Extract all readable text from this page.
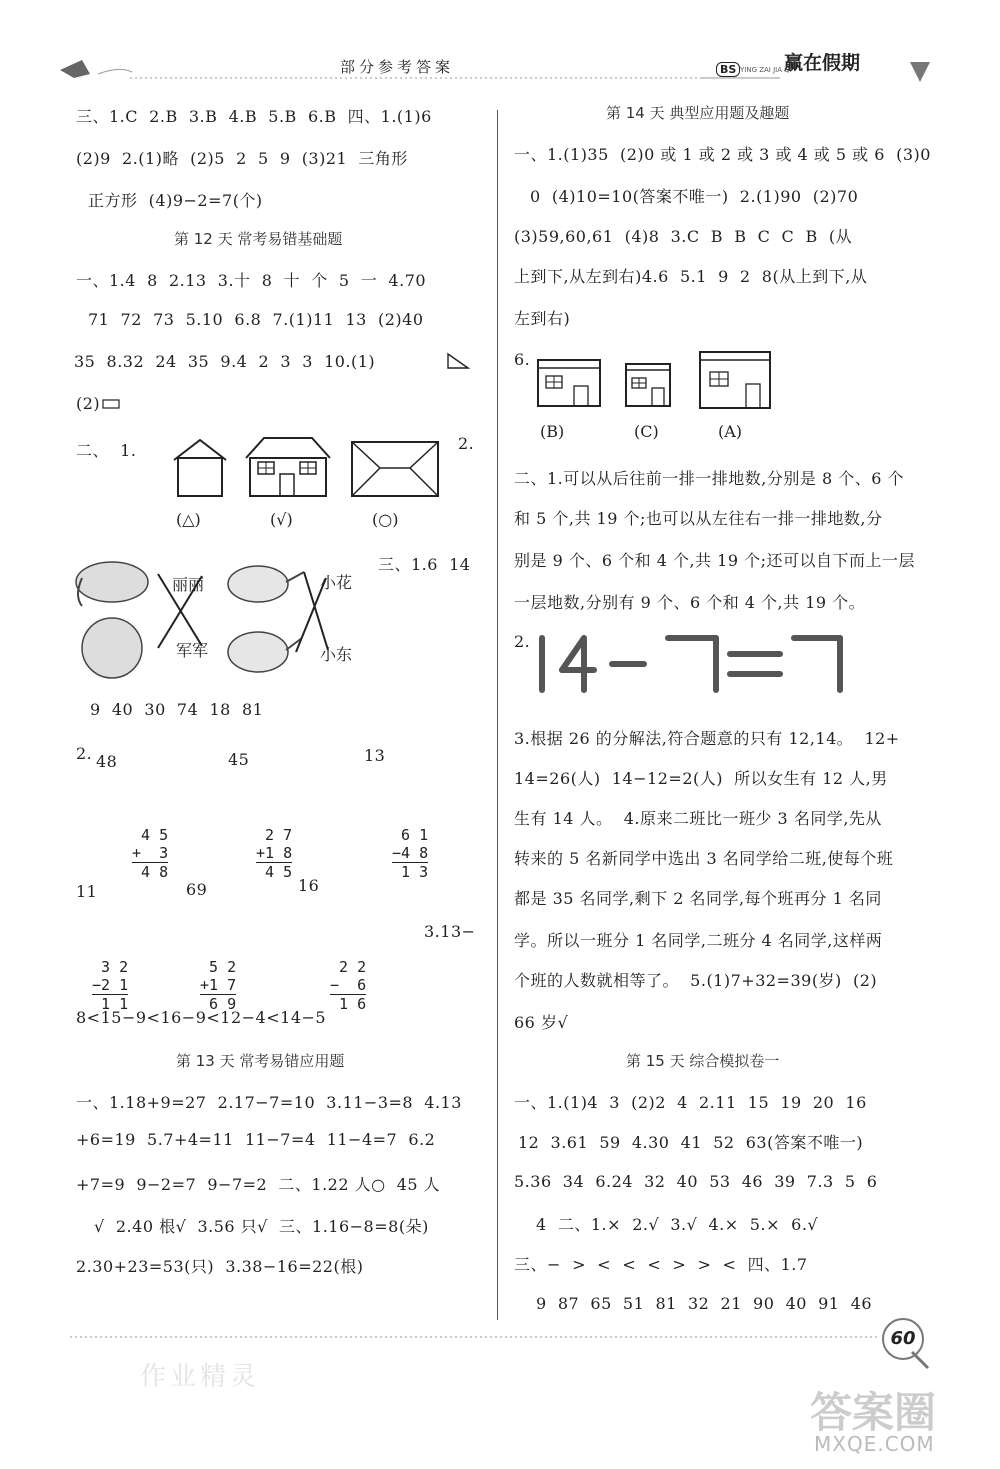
部分参考答案	BS	赢在假期
YING ZAI JIA QI
三、1.C  2.B  3.B  4.B  5.B  6.B  四、1.(1)6
(2)9  2.(1)略  (2)5  2  5  9  (3)21  三角形
正方形  (4)9−2=7(个)
第 12 天 常考易错基础题
一、1.4  8  2.13  3.十  8  十  个  5  一  4.70
71  72  73  5.10  6.8  7.(1)11  13  (2)40
35  8.32  24  35  9.4  2  3  3  10.(1)
(2)
二、  1.	2.
(△)	(√)	(○)
三、1.6  14
丽丽
军军
小花
小东
9  40  30  74  18  81
2. 48	45	13

4 5
+  3
4 8

2 7
+1 8
4 5

6 1
−4 8
1 3

11	69	16

3 2
−2 1
1 1

5 2
+1 7
6 9

2 2
−  6
1 6

3.13−
8<15−9<16−9<12−4<14−5
第 13 天 常考易错应用题
一、1.18+9=27  2.17−7=10  3.11−3=8  4.13
+6=19  5.7+4=11  11−7=4  11−4=7  6.2
+7=9  9−2=7  9−7=2  二、1.22 人○  45 人
√  2.40 根√  3.56 只√  三、1.16−8=8(朵)
2.30+23=53(只)  3.38−16=22(根)
第 14 天 典型应用题及趣题
一、1.(1)35  (2)0 或 1 或 2 或 3 或 4 或 5 或 6  (3)0
0  (4)10=10(答案不唯一)  2.(1)90  (2)70
(3)59,60,61  (4)8  3.C  B  B  C  C  B  (从
上到下,从左到右)4.6  5.1  9  2  8(从上到下,从
左到右)
6.
(B)	(C)	(A)
二、1.可以从后往前一排一排地数,分别是 8 个、6 个
和 5 个,共 19 个;也可以从左往右一排一排地数,分
别是 9 个、6 个和 4 个,共 19 个;还可以自下而上一层
一层地数,分别有 9 个、6 个和 4 个,共 19 个。
2.
3.根据 26 的分解法,符合题意的只有 12,14。  12+
14=26(人)  14−12=2(人)  所以女生有 12 人,男
生有 14 人。  4.原来二班比一班少 3 名同学,先从
转来的 5 名新同学中选出 3 名同学给二班,使每个班
都是 35 名同学,剩下 2 名同学,每个班再分 1 名同
学。所以一班分 1 名同学,二班分 4 名同学,这样两
个班的人数就相等了。  5.(1)7+32=39(岁)  (2)
66 岁√
第 15 天 综合模拟卷一
一、1.(1)4  3  (2)2  4  2.11  15  19  20  16
12  3.61  59  4.30  41  52  63(答案不唯一)
5.36  34  6.24  32  40  53  46  39  7.3  5  6
4  二、1.×  2.√  3.√  4.×  5.×  6.√
三、−  >  <  <  <  >  >  <  四、1.7
9  87  65  51  81  32  21  90  40  91  46
60
作业精灵
答案圈
MXQE.COM
